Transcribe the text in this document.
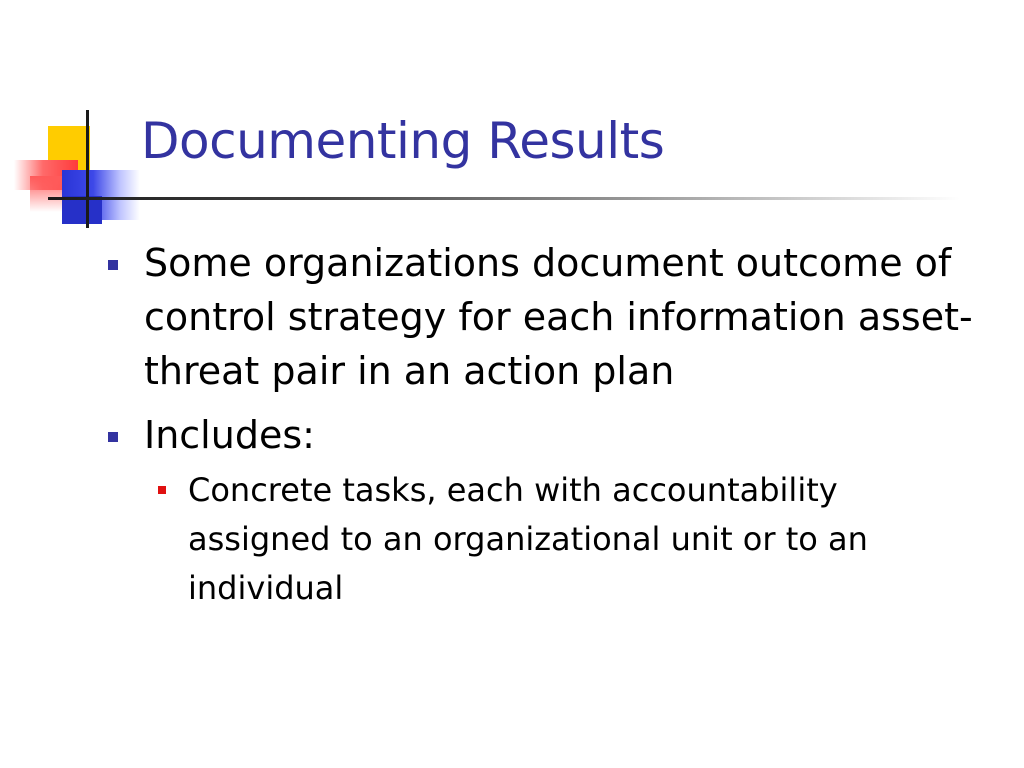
Documenting Results
Some organizations document outcome of control strategy for each information asset-threat pair in an action plan
Includes:
Concrete tasks, each with accountability assigned to an organizational unit or to an individual
